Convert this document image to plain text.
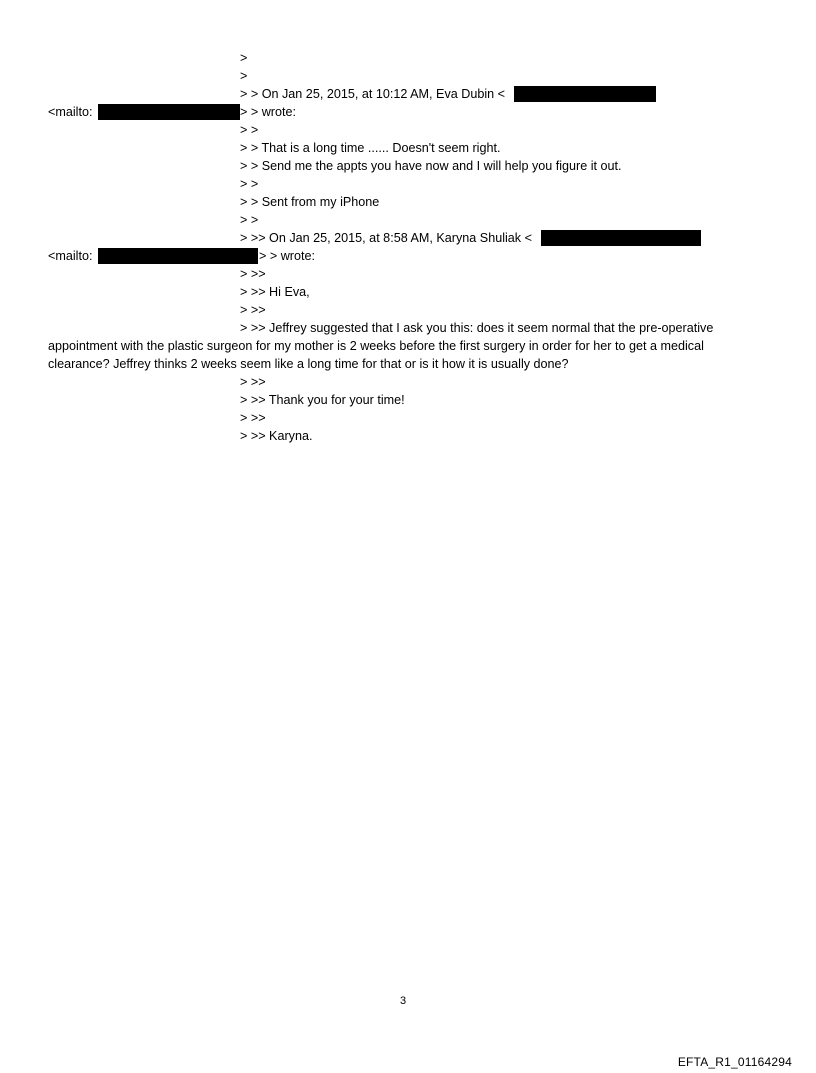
>
>
> > On Jan 25, 2015, at 10:12 AM, Eva Dubin <
<mailto:	> > wrote:
> >
> > That is a long time ...... Doesn't seem right.
> > Send me the appts you have now and I will help you figure it out.
> >
> > Sent from my iPhone
> >
> >> On Jan 25, 2015, at 8:58 AM, Karyna Shuliak <
<mailto:	> > wrote:
> >>
> >> Hi Eva,
> >>
> >> Jeffrey suggested that I ask you this: does it seem normal that the pre-operative
appointment with the plastic surgeon for my mother is 2 weeks before the first surgery in order for her to get a medical
clearance? Jeffrey thinks 2 weeks seem like a long time for that or is it how it is usually done?
> >>
> >> Thank you for your time!
> >>
> >> Karyna.
3
EFTA_R1_01164294
